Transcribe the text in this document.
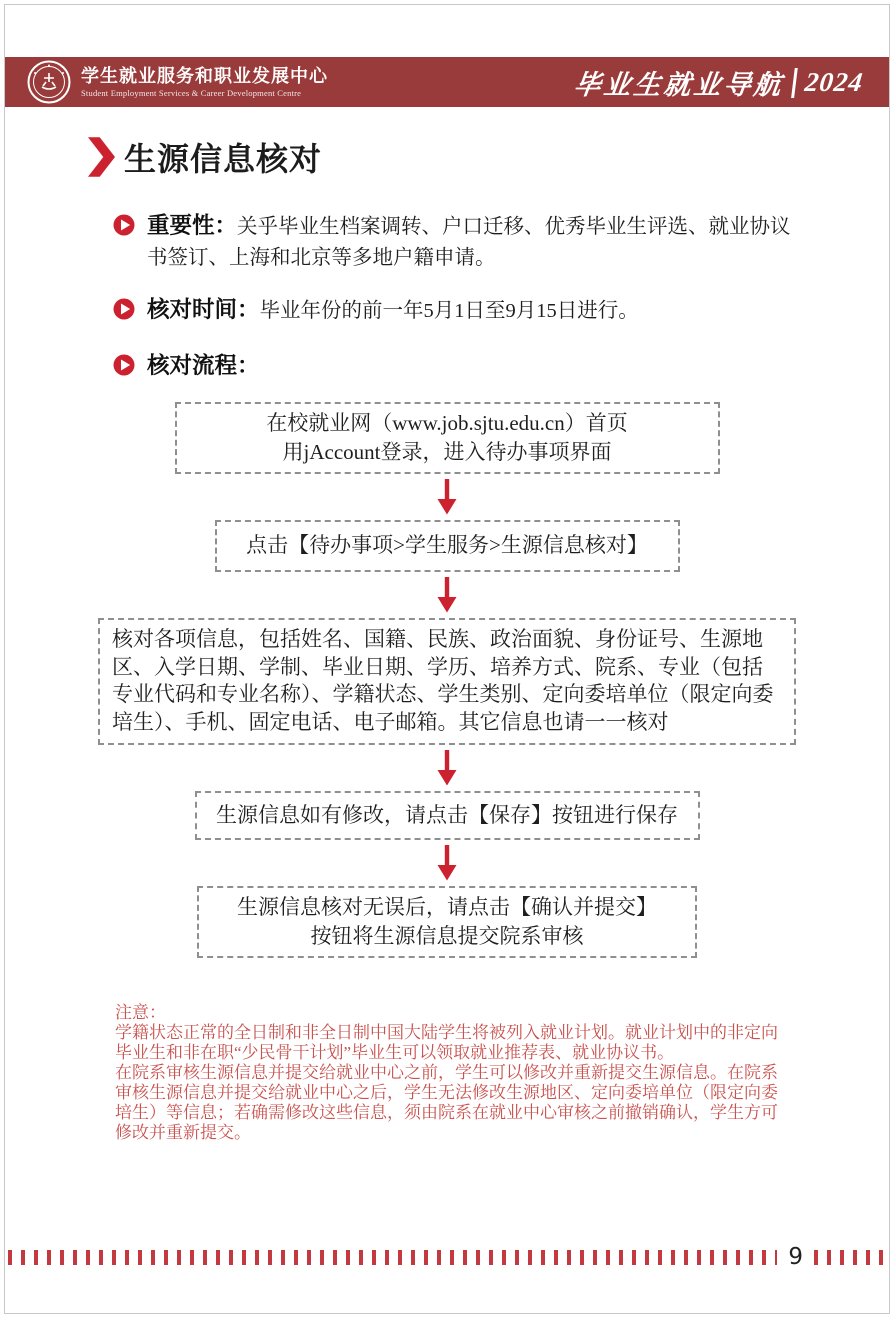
学生就业服务和职业发展中心
Student Employment Services & Career Development Centre	毕业生就业导航 2024
生源信息核对

重要性：关乎毕业生档案调转、户口迁移、优秀毕业生评选、就业协议书签订、上海和北京等多地户籍申请。

核对时间：毕业年份的前一年5月1日至9月15日进行。

核对流程：

在校就业网（www.job.sjtu.edu.cn）首页
用jAccount登录，进入待办事项界面
点击【待办事项>学生服务>生源信息核对】
核对各项信息，包括姓名、国籍、民族、政治面貌、身份证号、生源地区、入学日期、学制、毕业日期、学历、培养方式、院系、专业（包括专业代码和专业名称）、学籍状态、学生类别、定向委培单位（限定向委培生）、手机、固定电话、电子邮箱。其它信息也请一一核对
生源信息如有修改，请点击【保存】按钮进行保存
生源信息核对无误后，请点击【确认并提交】
按钮将生源信息提交院系审核
注意：
学籍状态正常的全日制和非全日制中国大陆学生将被列入就业计划。就业计划中的非定向毕业生和非在职“少民骨干计划”毕业生可以领取就业推荐表、就业协议书。
在院系审核生源信息并提交给就业中心之前，学生可以修改并重新提交生源信息。在院系审核生源信息并提交给就业中心之后，学生无法修改生源地区、定向委培单位（限定向委培生）等信息；若确需修改这些信息，须由院系在就业中心审核之前撤销确认，学生方可修改并重新提交。
9
